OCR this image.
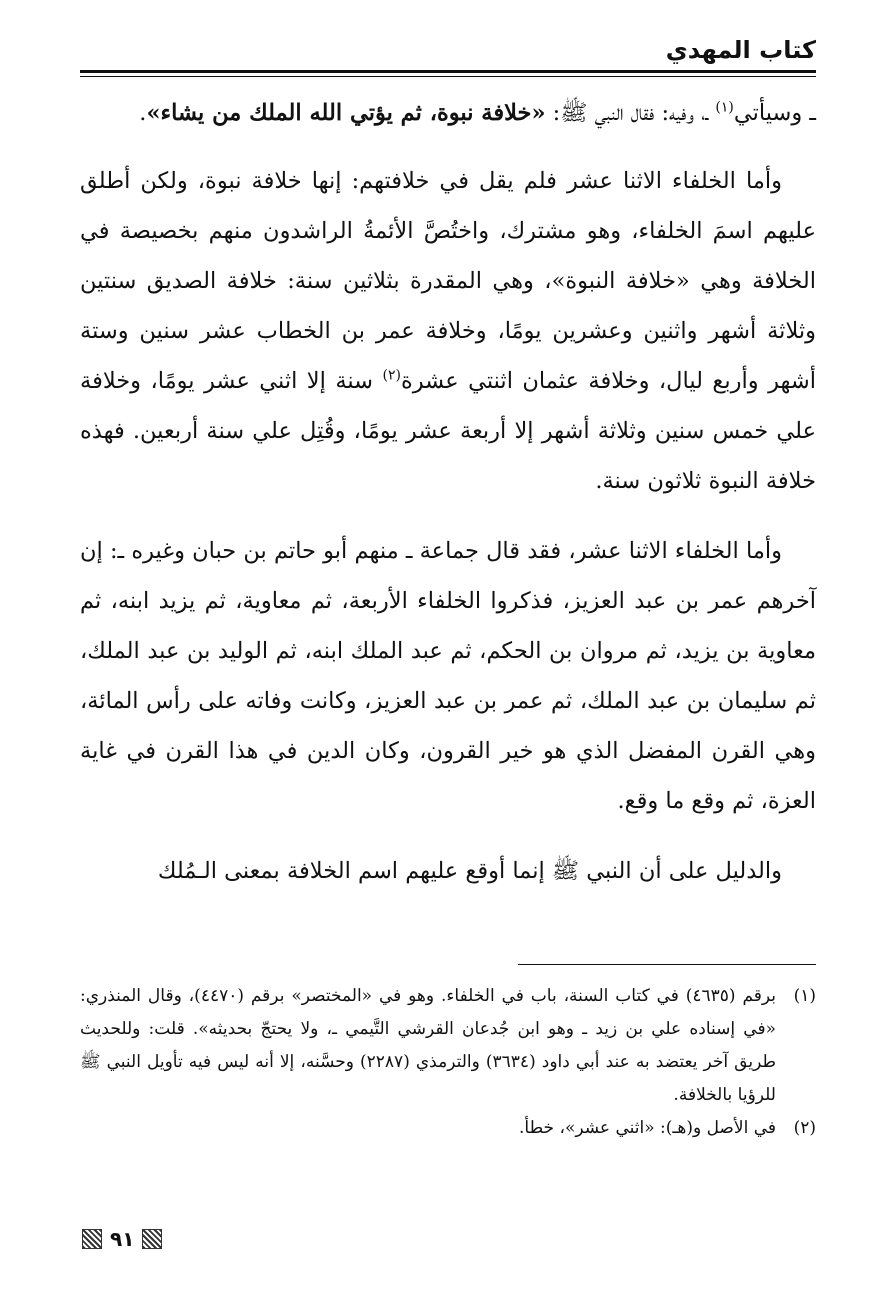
كتاب المهدي

ـ وسيأتي$^{(١)}$ ـ، وفيه: فقال النبي ﷺ: «خلافة نبوة، ثم يؤتي الله الملك من يشاء».

وأما الخلفاء الاثنا عشر فلم يقل في خلافتهم: إنها خلافة نبوة، ولكن أطلق عليهم اسمَ الخلفاء، وهو مشترك، واختُصَّ الأئمةُ الراشدون منهم بخصيصة في الخلافة وهي «خلافة النبوة»، وهي المقدرة بثلاثين سنة: خلافة الصديق سنتين وثلاثة أشهر واثنين وعشرين يومًا، وخلافة عمر بن الخطاب عشر سنين وستة أشهر وأربع ليال، وخلافة عثمان اثنتي عشرة$^{(٢)}$ سنة إلا اثني عشر يومًا، وخلافة علي خمس سنين وثلاثة أشهر إلا أربعة عشر يومًا، وقُتِل علي سنة أربعين. فهذه خلافة النبوة ثلاثون سنة.

وأما الخلفاء الاثنا عشر، فقد قال جماعة ـ منهم أبو حاتم بن حبان وغيره ـ: إن آخرهم عمر بن عبد العزيز، فذكروا الخلفاء الأربعة، ثم معاوية، ثم يزيد ابنه، ثم معاوية بن يزيد، ثم مروان بن الحكم، ثم عبد الملك ابنه، ثم الوليد بن عبد الملك، ثم سليمان بن عبد الملك، ثم عمر بن عبد العزيز، وكانت وفاته على رأس المائة، وهي القرن المفضل الذي هو خير القرون، وكان الدين في هذا القرن في غاية العزة، ثم وقع ما وقع.

والدليل على أن النبي ﷺ إنما أوقع عليهم اسم الخلافة بمعنى الـمُلك

(١)
برقم (٤٦٣٥) في كتاب السنة، باب في الخلفاء. وهو في «المختصر» برقم (٤٤٧٠)، وقال المنذري: «في إسناده علي بن زيد ـ وهو ابن جُدعان القرشي التَّيمي ـ، ولا يحتجّ بحديثه». قلت: وللحديث طريق آخر يعتضد به عند أبي داود (٣٦٣٤) والترمذي (٢٢٨٧) وحسَّنه، إلا أنه ليس فيه تأويل النبي ﷺ للرؤيا بالخلافة.
(٢)
في الأصل و(هـ): «اثني عشر»، خطأ.
٩١
